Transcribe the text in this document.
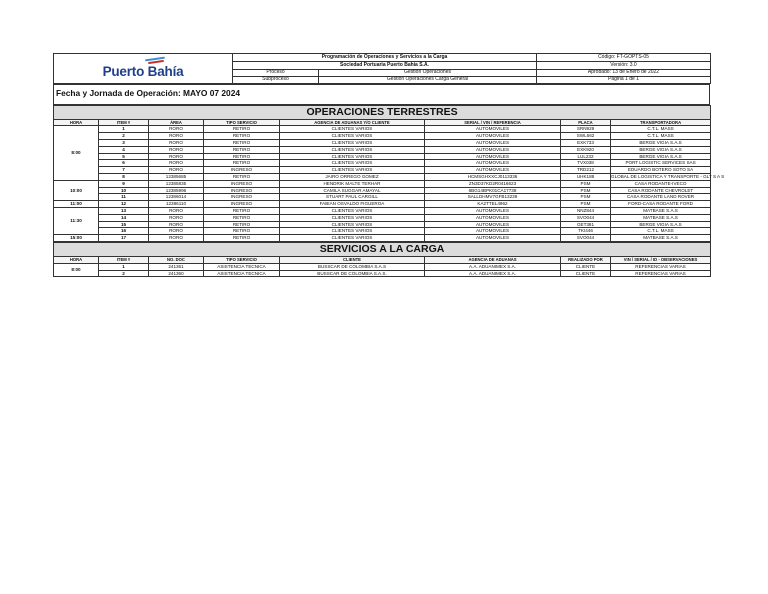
Puerto Bahía	Programación de Operaciones y Servicios a la Carga		Código: FT-GOPTS-05
	Sociedad Portuaria Puerto Bahía S.A.		Versión: 3.0
	Proceso	Gestión Operaciones	Aprobado: 13 de Enero de 2022
	Subproceso	Gestión Operaciones Carga General	Página 1 de 1
Fecha y Jornada de Operación: MAYO 07 2024
OPERACIONES TERRESTRES							
HORA	ITEM #	ÁREA	TIPO SERVICIO	AGENCIA DE ADUANAS Y/O CLIENTE	SERIAL / VIN / REFERENCIA	PLACA	TRANSPORTADORA
8:00	1	RORO	RETIRO	CLIENTES VARIOS	AUTOMOVILES	SRN929	C.T.L. MASS
	2	RORO	RETIRO	CLIENTES VARIOS	AUTOMOVILES	SWL662	C.T.L. MASS
	3	RORO	RETIRO	CLIENTES VARIOS	AUTOMOVILES	EXK733	BERGE VIGIA S.A.S
	4	RORO	RETIRO	CLIENTES VARIOS	AUTOMOVILES	EXK920	BERGE VIGIA S.A.S
	5	RORO	RETIRO	CLIENTES VARIOS	AUTOMOVILES	LUL232	BERGE VIGIA S.A.S
	6	RORO	RETIRO	CLIENTES VARIOS	AUTOMOVILES	TVX038	PORT LOGISTIC SERVICES SAS
	7	RORO	INGRESO	CLIENTES VARIOS	AUTOMOVILES	TRD212	EDUARDO BOTERO SOTO SA
	8	12385685	RETIRO	JAIRO ORREGO GOMEZ	HCMSGHXXCJ0113336	UHK188	GLOBAL DE LOGISTICA Y TRANSPORTE - GLT S A S
10:00	9	12385835	INGRESO	HENDRIK MALTE TERHAR	ZN3D37KD2R0416623	PSM	CASA RODANTE-IVECO
	10	12385996	INGRESO	CAMILA SUGGAR AMAYAL	6BG14BPK01CA17738	PSM	CASA RODANTE CHEVROLET
	11	12386014	INGRESO	STUART PAUL CARGILL	SALLDHMV7GFB13239	PSM	CASA RODANTE LAND ROVER
11:00	12	12386110	INGRESO	FABIAN OSVALDO FIGUEROA	KA2TTEL4962	PSM	FORD-CASA RODANTE FORD
11:30	13	RORO	RETIRO	CLIENTES VARIOS	AUTOMOVILES	NNZ844	MATBASE S.A.S
	14	RORO	RETIRO	CLIENTES VARIOS	AUTOMOVILES	SVO044	MATBASE S.A.S
	15	RORO	RETIRO	CLIENTES VARIOS	AUTOMOVILES	GET381	BERGE VIGIA S.A.S
	16	RORO	RETIRO	CLIENTES VARIOS	AUTOMOVILES	TKI446	C.T.L. MASS
15:00	17	RORO	RETIRO	CLIENTES VARIOS	AUTOMOVILES	SVO044	MATBASE S.A.S
SERVICIOS A LA CARGA							
HORA	ITEM #	NO. DOC	TIPO SERVICIO	CLIENTE	AGENCIA DE ADUANAS	REALIZADO POR	VIN / SERIAL / ID - OBSERVACIONES
8:00	1	241361	ASISTENCIA TECNICA	BUSSCAR DE COLOMBIA S.A.S	A.A. ADUANIMEX S.A.	CLIENTE	REFERENCIAS VARIAS
	2	241360	ASISTENCIA TECNICA	BUSSCAR DE COLOMBIA S.A.S.	A.A. ADUANIMEX S.A.	CLIENTE	REFERENCIAS VARIAS
